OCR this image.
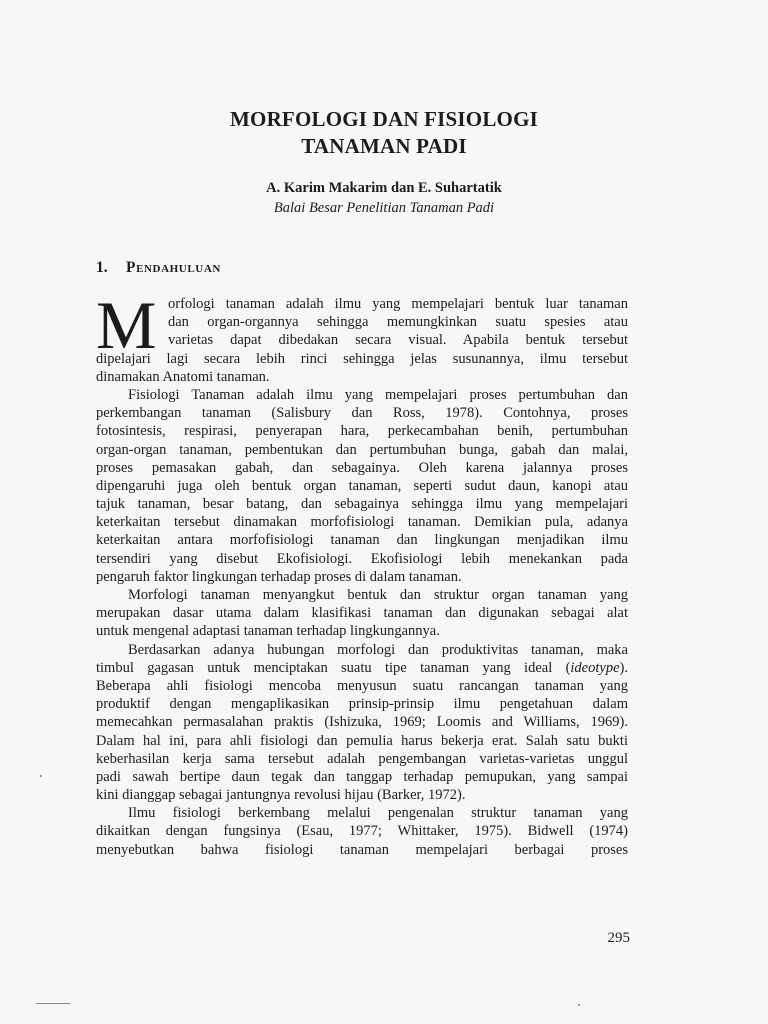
MORFOLOGI DAN FISIOLOGI
TANAMAN PADI
A. Karim Makarim dan E. Suhartatik
Balai Besar Penelitian Tanaman Padi
1. Pendahuluan
M orfologi tanaman adalah ilmu yang mempelajari bentuk luar tanaman
dan organ-organnya sehingga memungkinkan suatu spesies atau
varietas dapat dibedakan secara visual. Apabila bentuk tersebut
dipelajari lagi secara lebih rinci sehingga jelas susunannya, ilmu tersebut
dinamakan Anatomi tanaman.
Fisiologi Tanaman adalah ilmu yang mempelajari proses pertumbuhan dan
perkembangan tanaman (Salisbury dan Ross, 1978). Contohnya, proses
fotosintesis, respirasi, penyerapan hara, perkecambahan benih, pertumbuhan
organ-organ tanaman, pembentukan dan pertumbuhan bunga, gabah dan malai,
proses pemasakan gabah, dan sebagainya. Oleh karena jalannya proses
dipengaruhi juga oleh bentuk organ tanaman, seperti sudut daun, kanopi atau
tajuk tanaman, besar batang, dan sebagainya sehingga ilmu yang mempelajari
keterkaitan tersebut dinamakan morfofisiologi tanaman. Demikian pula, adanya
keterkaitan antara morfofisiologi tanaman dan lingkungan menjadikan ilmu
tersendiri yang disebut Ekofisiologi. Ekofisiologi lebih menekankan pada
pengaruh faktor lingkungan terhadap proses di dalam tanaman.
Morfologi tanaman menyangkut bentuk dan struktur organ tanaman yang
merupakan dasar utama dalam klasifikasi tanaman dan digunakan sebagai alat
untuk mengenal adaptasi tanaman terhadap lingkungannya.
Berdasarkan adanya hubungan morfologi dan produktivitas tanaman, maka
timbul gagasan untuk menciptakan suatu tipe tanaman yang ideal (ideotype).
Beberapa ahli fisiologi mencoba menyusun suatu rancangan tanaman yang
produktif dengan mengaplikasikan prinsip-prinsip ilmu pengetahuan dalam
memecahkan permasalahan praktis (Ishizuka, 1969; Loomis and Williams, 1969).
Dalam hal ini, para ahli fisiologi dan pemulia harus bekerja erat. Salah satu bukti
keberhasilan kerja sama tersebut adalah pengembangan varietas-varietas unggul
padi sawah bertipe daun tegak dan tanggap terhadap pemupukan, yang sampai
kini dianggap sebagai jantungnya revolusi hijau (Barker, 1972).
Ilmu fisiologi berkembang melalui pengenalan struktur tanaman yang
dikaitkan dengan fungsinya (Esau, 1977; Whittaker, 1975). Bidwell (1974)
menyebutkan bahwa fisiologi tanaman mempelajari berbagai proses
295
